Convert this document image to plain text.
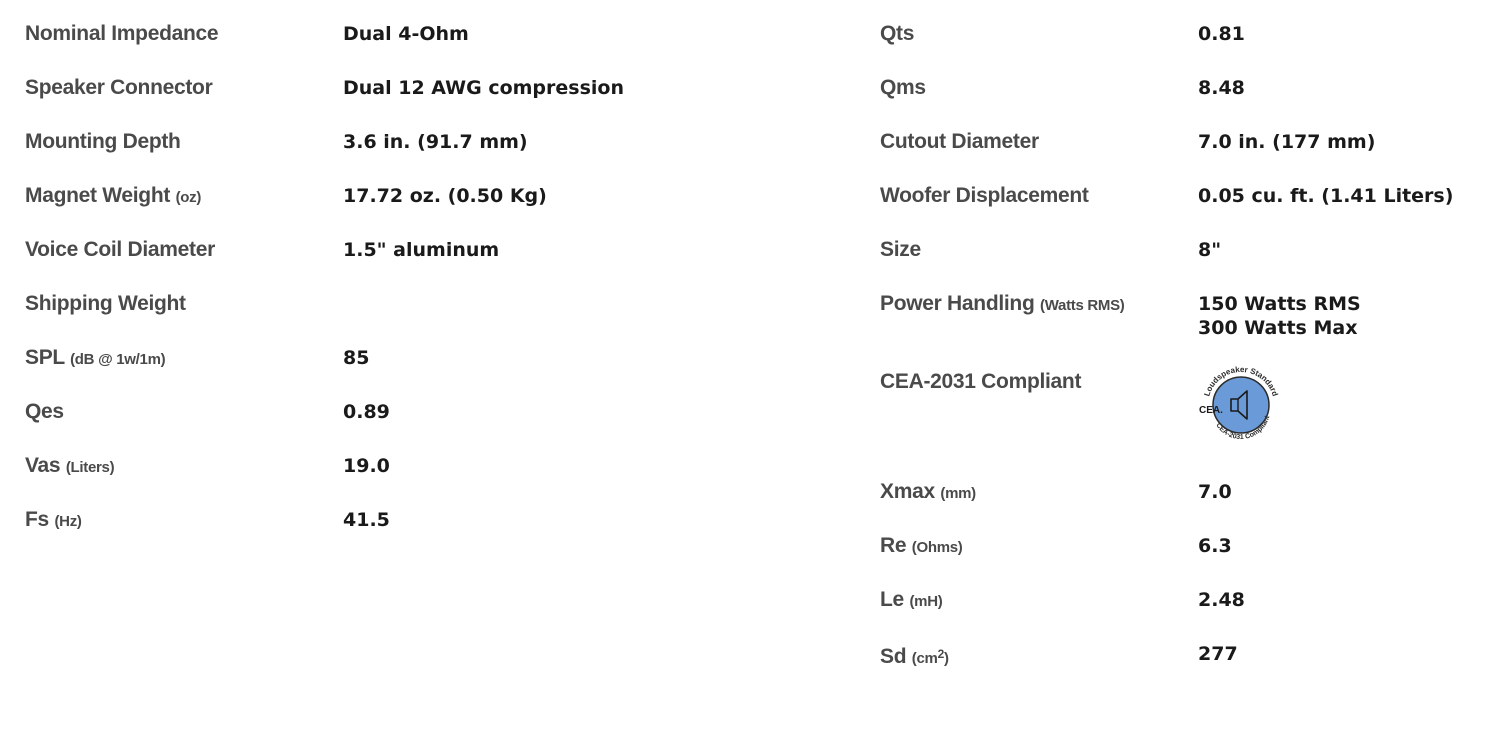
Nominal Impedance	Dual 4-Ohm
Speaker Connector	Dual 12 AWG compression
Mounting Depth	3.6 in. (91.7 mm)
Magnet Weight (oz)	17.72 oz. (0.50 Kg)
Voice Coil Diameter	1.5" aluminum
Shipping Weight
SPL (dB @ 1w/1m)	85
Qes	0.89
Vas (Liters)	19.0
Fs (Hz)	41.5
Qts	0.81
Qms	8.48
Cutout Diameter	7.0 in. (177 mm)
Woofer Displacement	0.05 cu. ft. (1.41 Liters)
Size	8"
Power Handling (Watts RMS)	150 Watts RMS
300 Watts Max
CEA-2031 Compliant
Loudspeaker Standard
CEA-2031 Compliant
CEA.
Xmax (mm)	7.0
Re (Ohms)	6.3
Le (mH)	2.48
Sd $(cm^2)$	277
